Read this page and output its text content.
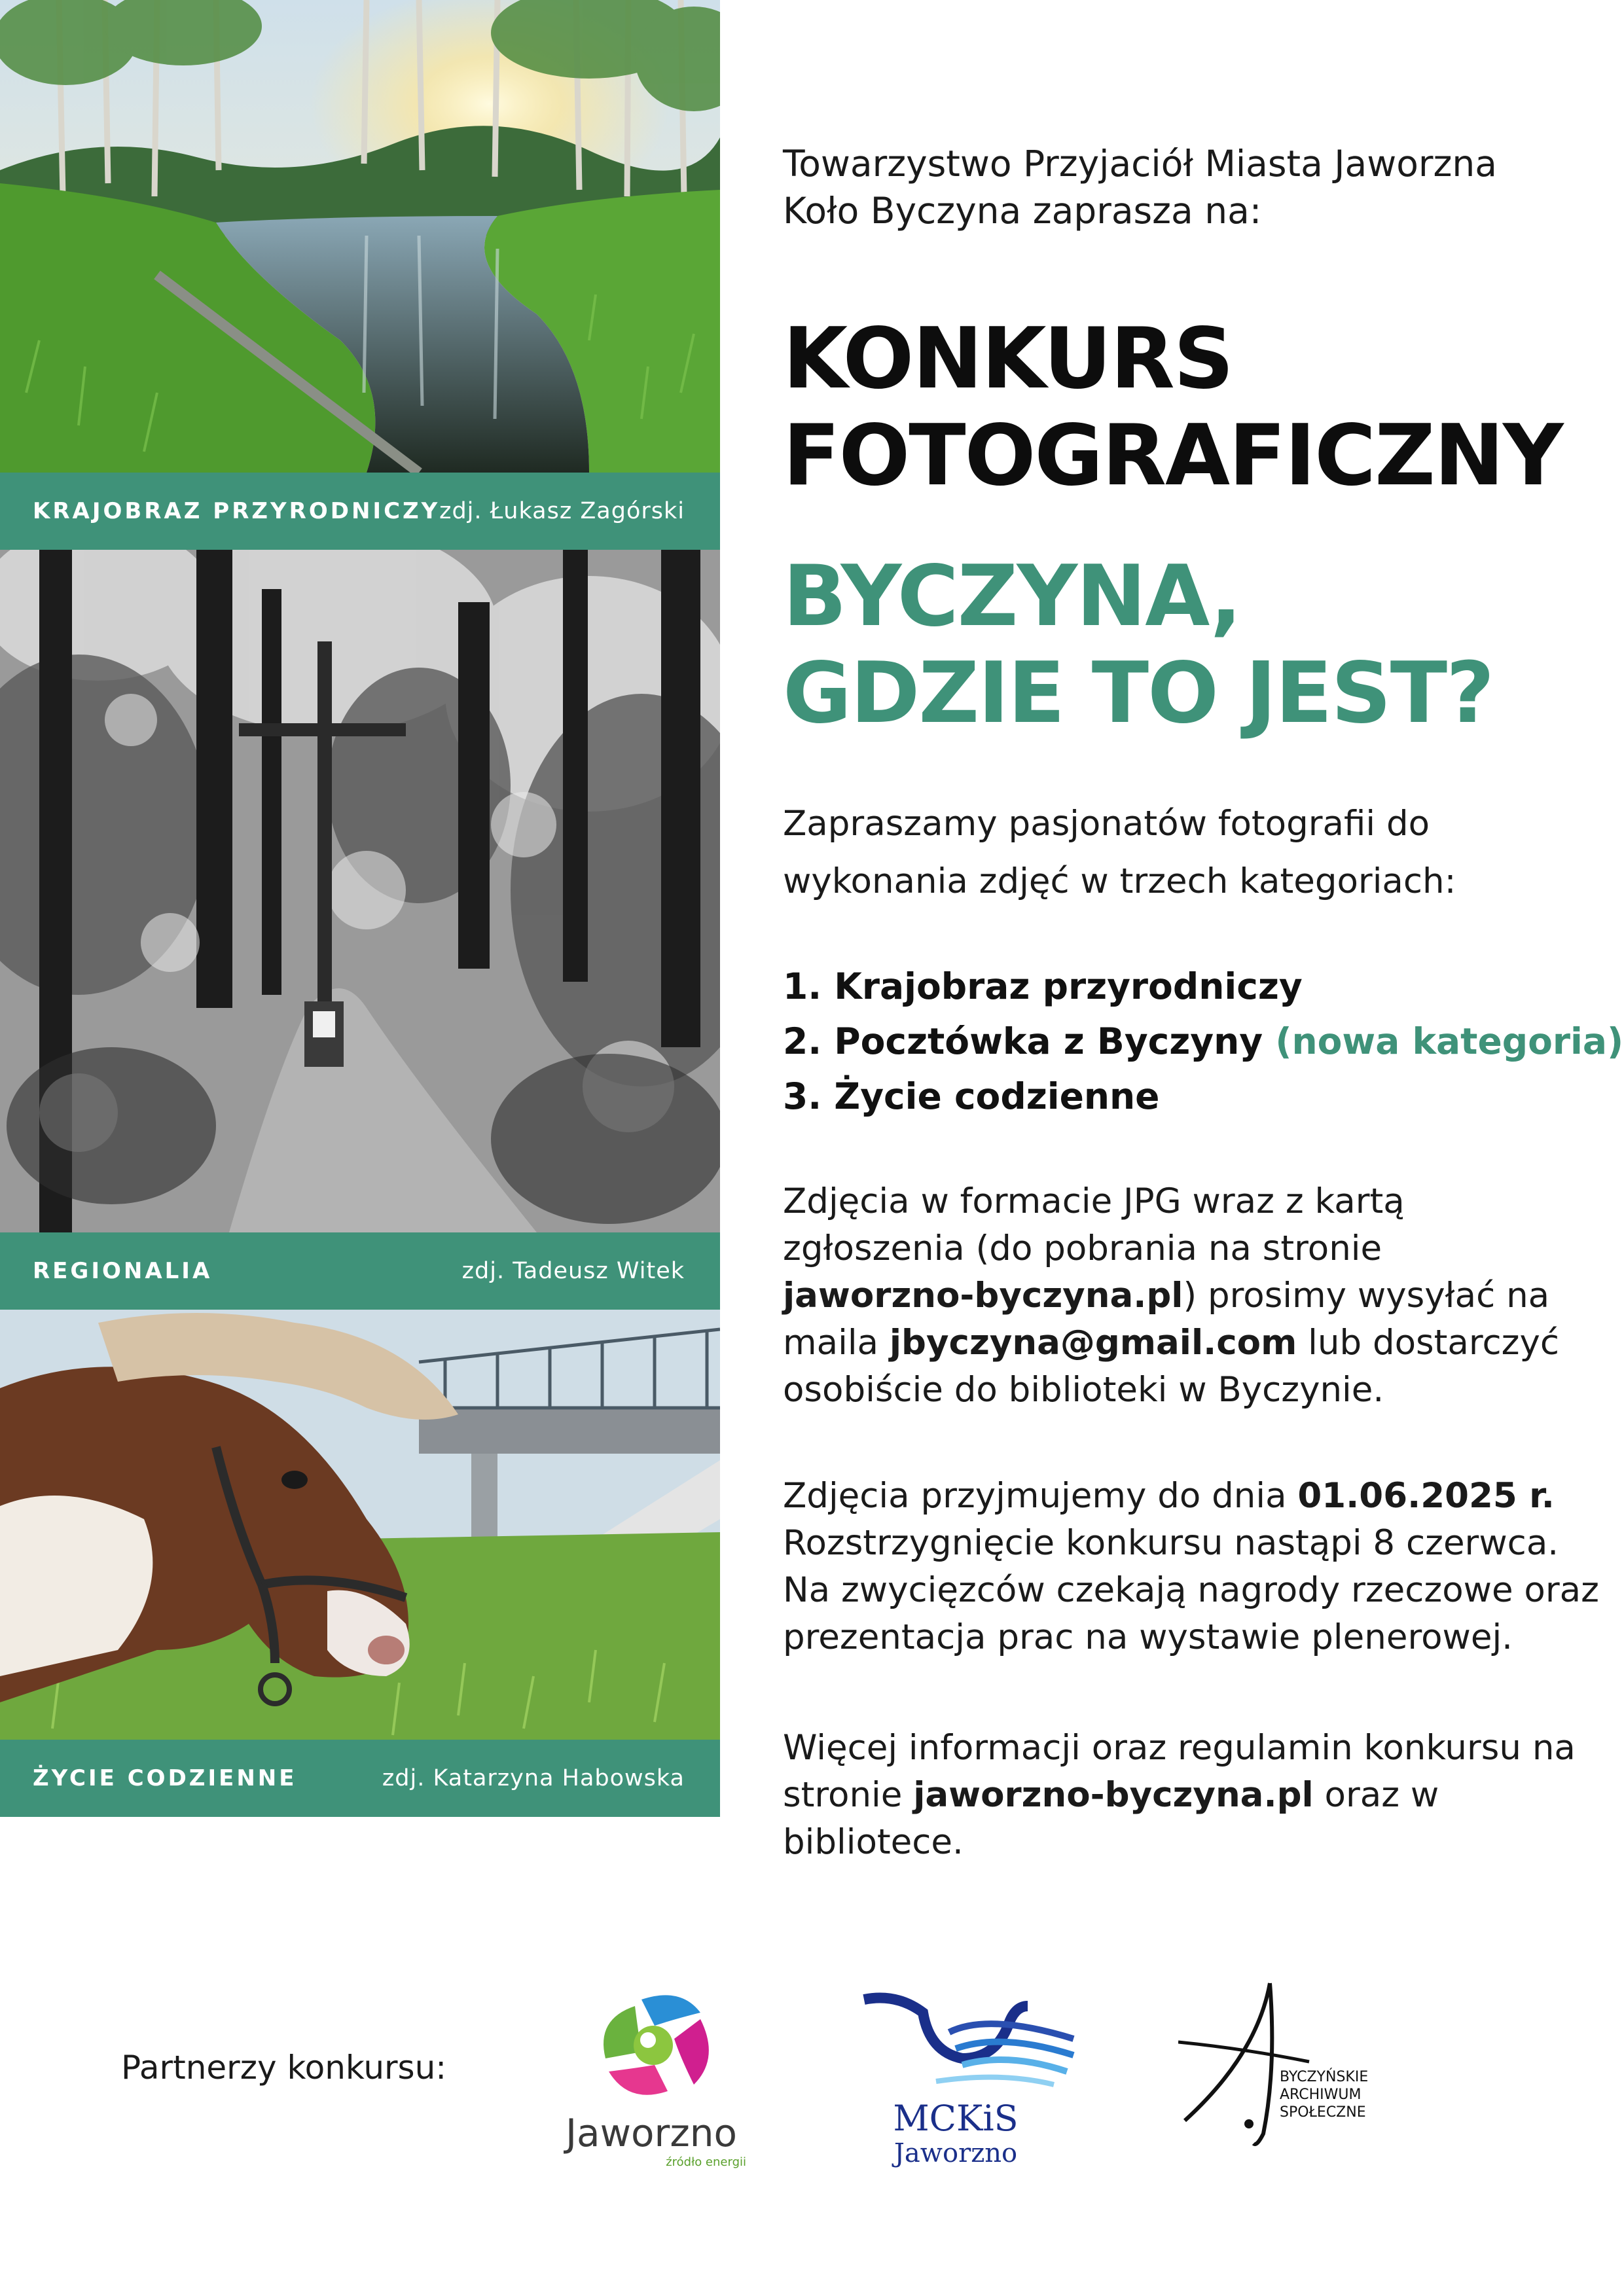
KRAJOBRAZ PRZYRODNICZY
zdj. Łukasz Zagórski
REGIONALIA	zdj. Tadeusz Witek
ŻYCIE CODZIENNE	zdj. Katarzyna Habowska
Towarzystwo Przyjaciół Miasta Jaworzna
Koło Byczyna zaprasza na:
KONKURS
FOTOGRAFICZNY
BYCZYNA,
GDZIE TO JEST?
Zapraszamy pasjonatów fotografii do
wykonania zdjęć w trzech kategoriach:
1. Krajobraz przyrodniczy
2. Pocztówka z Byczyny (nowa kategoria)
3. Życie codzienne
Zdjęcia w formacie JPG wraz z kartą
zgłoszenia (do pobrania na stronie
jaworzno-byczyna.pl) prosimy wysyłać na
maila jbyczyna@gmail.com lub dostarczyć
osobiście do biblioteki w Byczynie.
Zdjęcia przyjmujemy do dnia 01.06.2025 r.
Rozstrzygnięcie konkursu nastąpi 8 czerwca.
Na zwycięzców czekają nagrody rzeczowe oraz
prezentacja prac na wystawie plenerowej.
Więcej informacji oraz regulamin konkursu na
stronie jaworzno-byczyna.pl oraz w bibliotece.
Partnerzy konkursu:
Jaworzno
źródło energii
MCKiS
Jaworzno
BYCZYŃSKIE
ARCHIWUM
SPOŁECZNE
